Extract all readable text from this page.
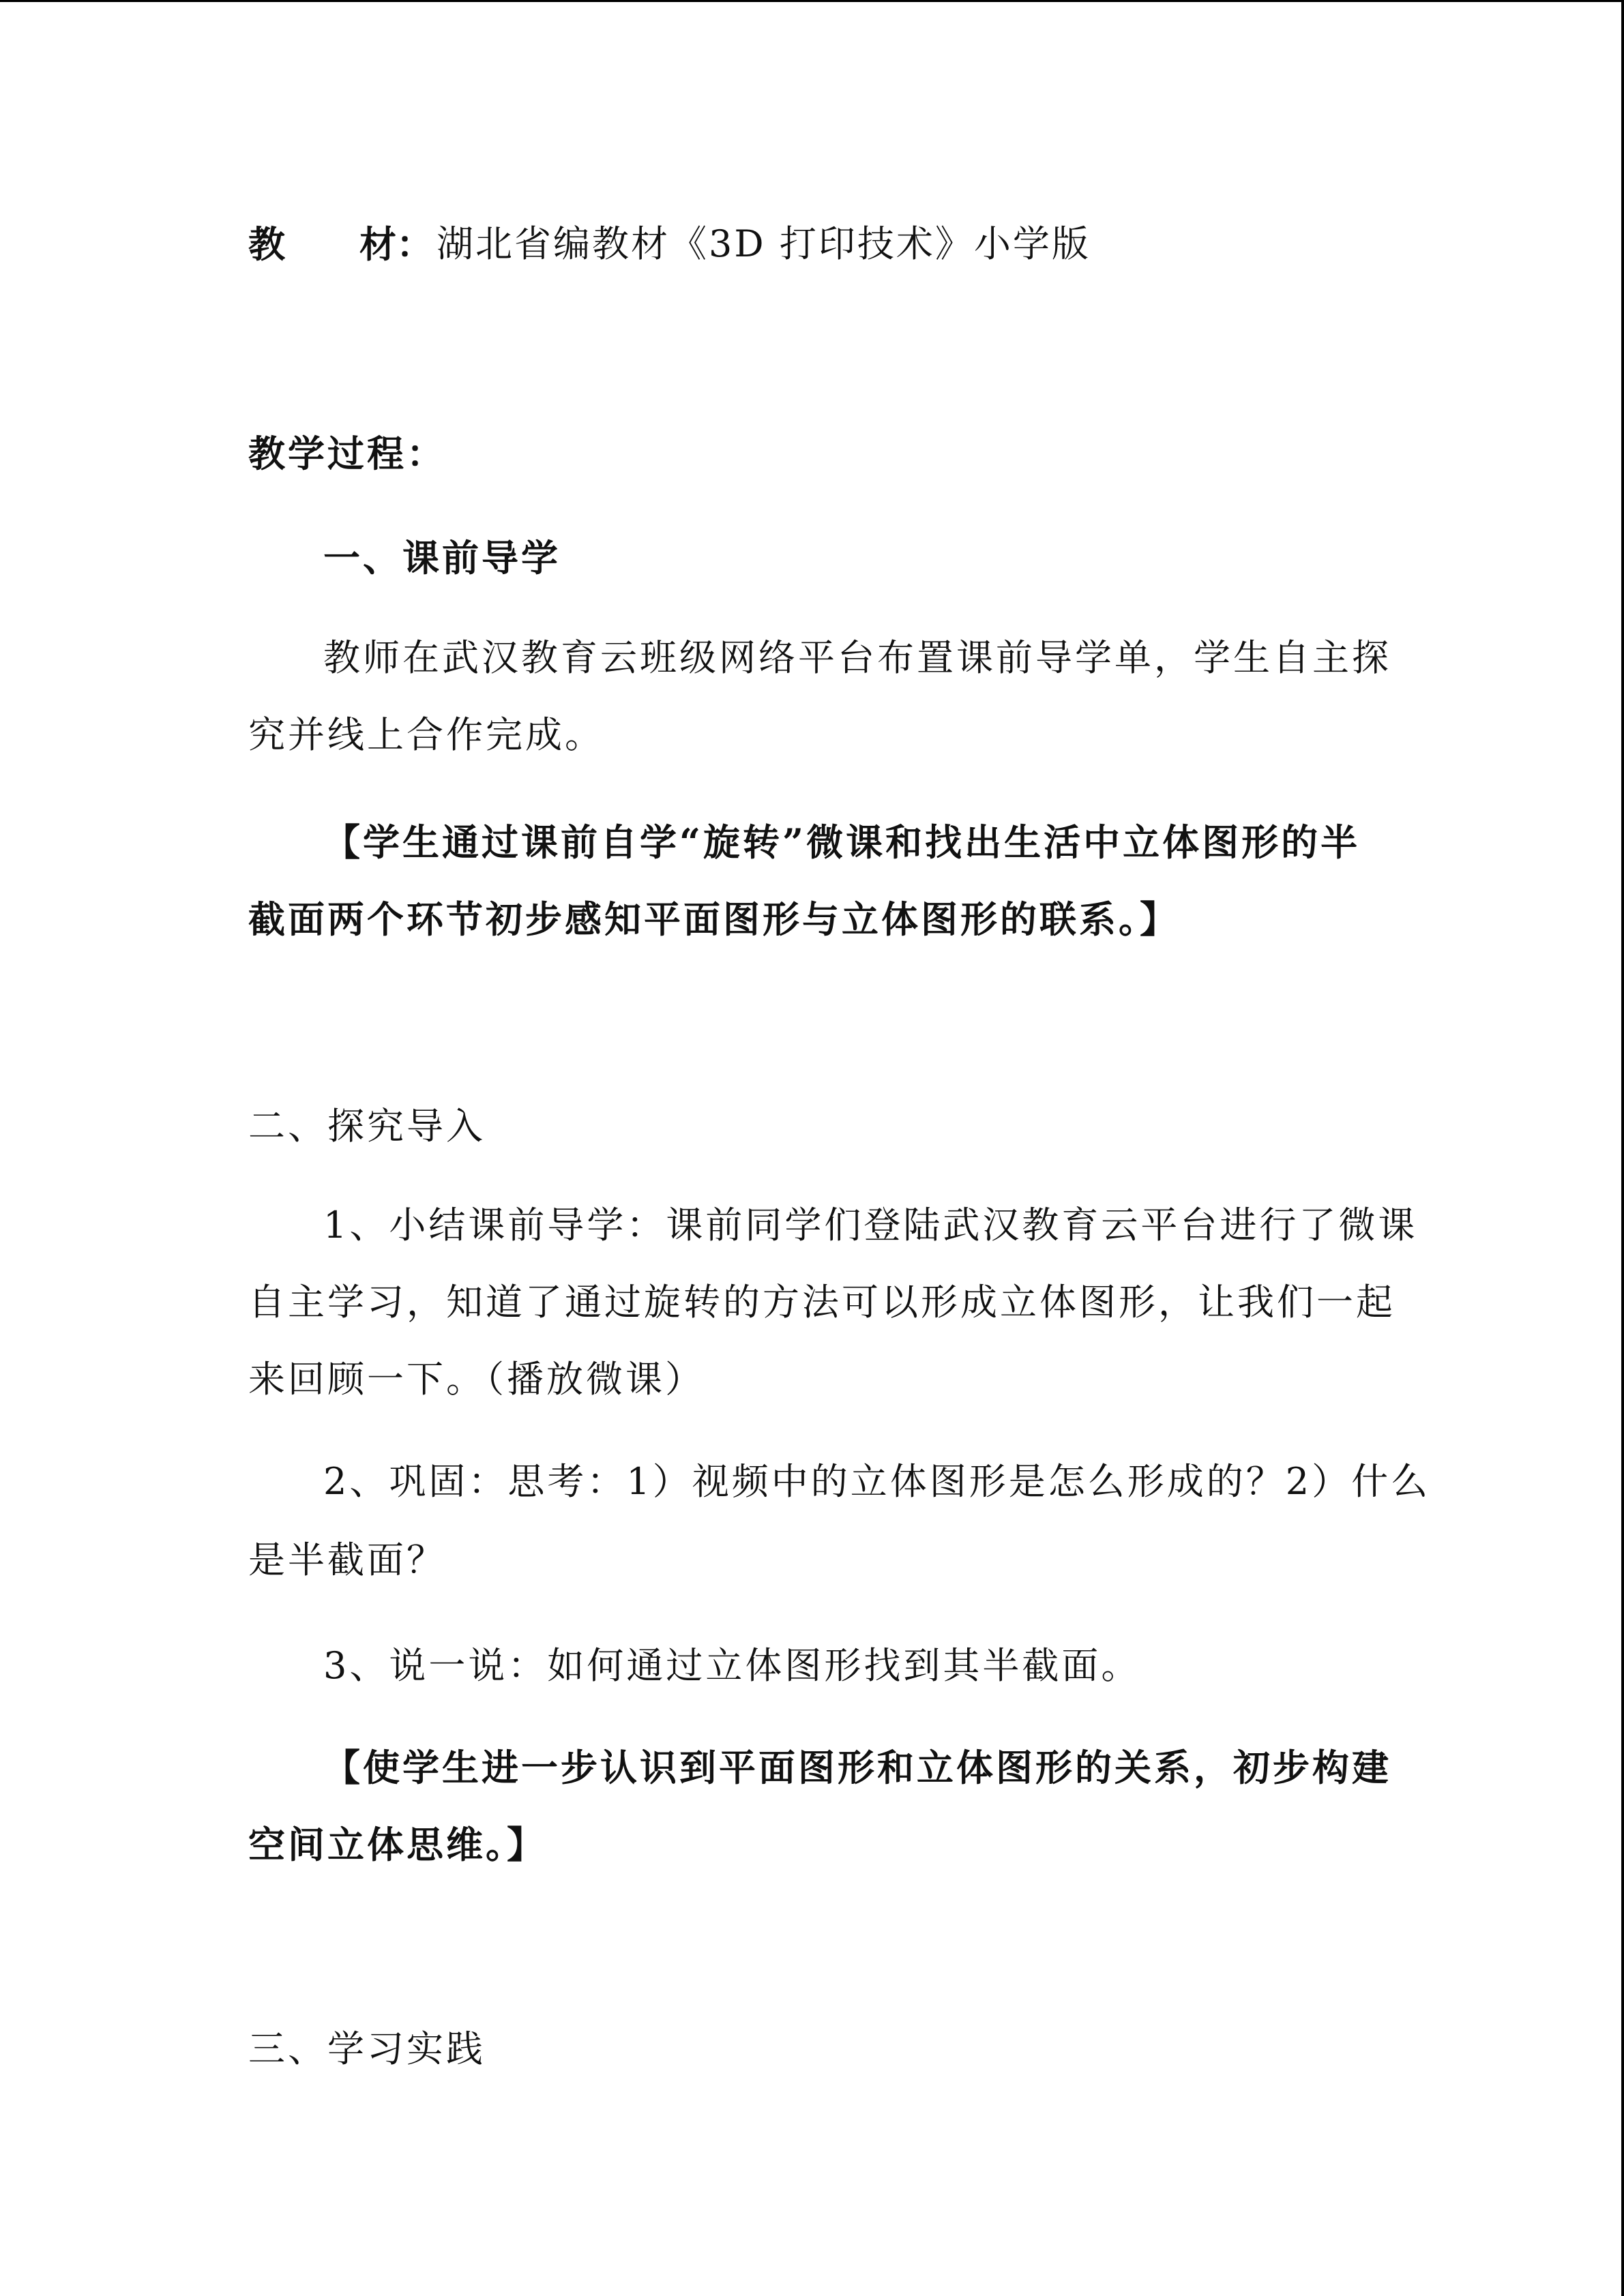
教 材： 湖北省编教材《3D 打印技术》小学版
教学过程：
一、课前导学
教师在武汉教育云班级网络平台布置课前导学单，学生自主探
究并线上合作完成。
【学生通过课前自学“旋转”微课和找出生活中立体图形的半
截面两个环节初步感知平面图形与立体图形的联系。】
二、探究导入
1、小结课前导学：课前同学们登陆武汉教育云平台进行了微课
自主学习，知道了通过旋转的方法可以形成立体图形，让我们一起
来回顾一下。（播放微课）
2、巩固：思考：1）视频中的立体图形是怎么形成的？2）什么
是半截面？
3、说一说：如何通过立体图形找到其半截面。
【使学生进一步认识到平面图形和立体图形的关系，初步构建
空间立体思维。】
三、学习实践
